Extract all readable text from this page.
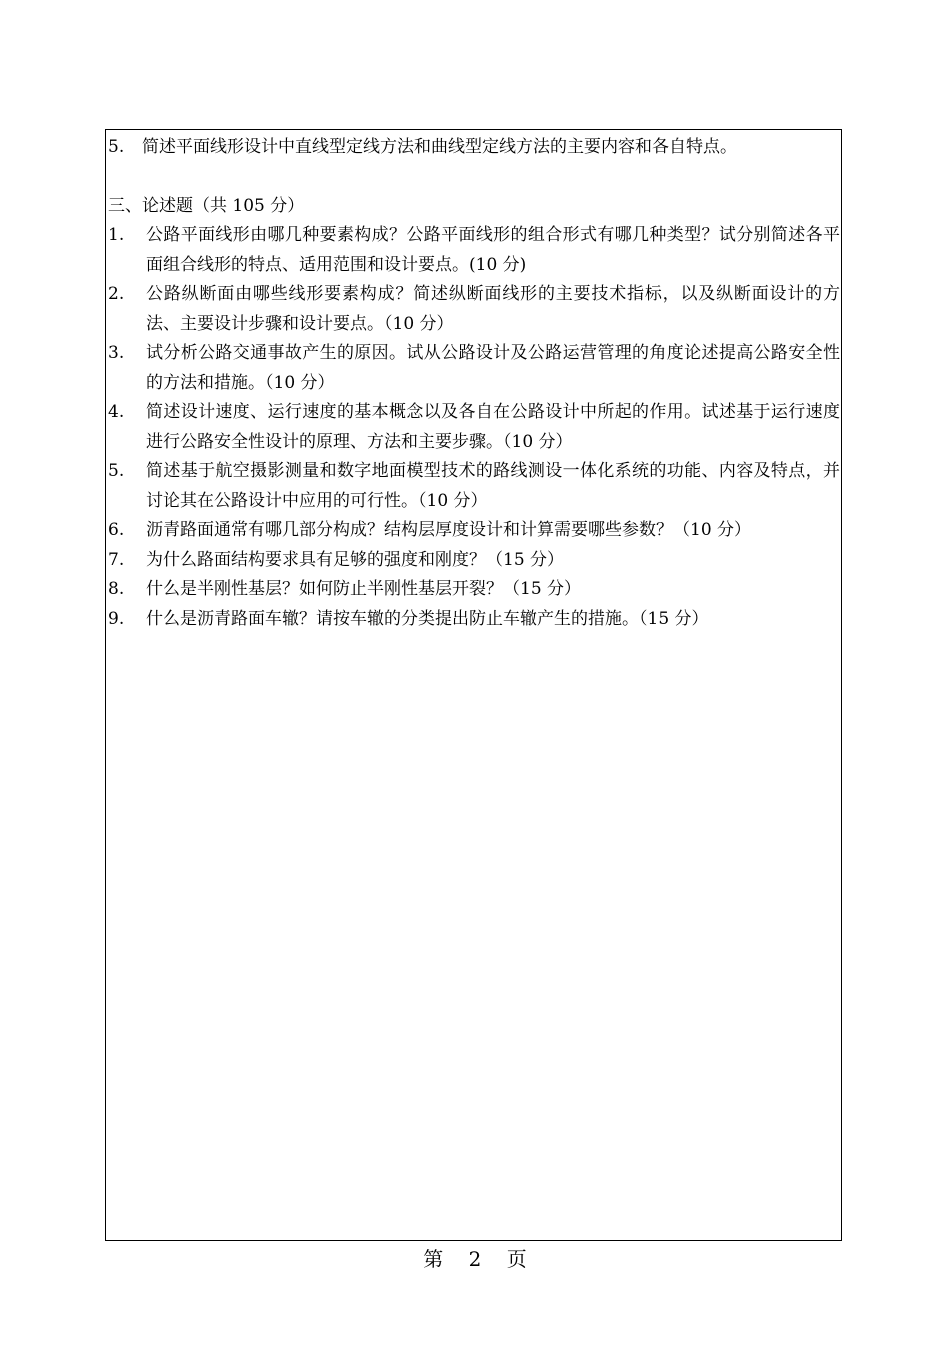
5.	简述平面线形设计中直线型定线方法和曲线型定线方法的主要内容和各自特点。
三、论述题（共 105 分）
1.	公路平面线形由哪几种要素构成？公路平面线形的组合形式有哪几种类型？试分别简述各平面组合线形的特点、适用范围和设计要点。(10 分)
2.	公路纵断面由哪些线形要素构成？简述纵断面线形的主要技术指标，以及纵断面设计的方法、主要设计步骤和设计要点。（10 分）
3.	试分析公路交通事故产生的原因。试从公路设计及公路运营管理的角度论述提高公路安全性的方法和措施。（10 分）
4.	简述设计速度、运行速度的基本概念以及各自在公路设计中所起的作用。试述基于运行速度进行公路安全性设计的原理、方法和主要步骤。（10 分）
5.	简述基于航空摄影测量和数字地面模型技术的路线测设一体化系统的功能、内容及特点，并讨论其在公路设计中应用的可行性。（10 分）
6.	沥青路面通常有哪几部分构成？结构层厚度设计和计算需要哪些参数？（10 分）
7.	为什么路面结构要求具有足够的强度和刚度？（15 分）
8.	什么是半刚性基层？如何防止半刚性基层开裂？（15 分）
9.	什么是沥青路面车辙？请按车辙的分类提出防止车辙产生的措施。（15 分）
第 2 页
